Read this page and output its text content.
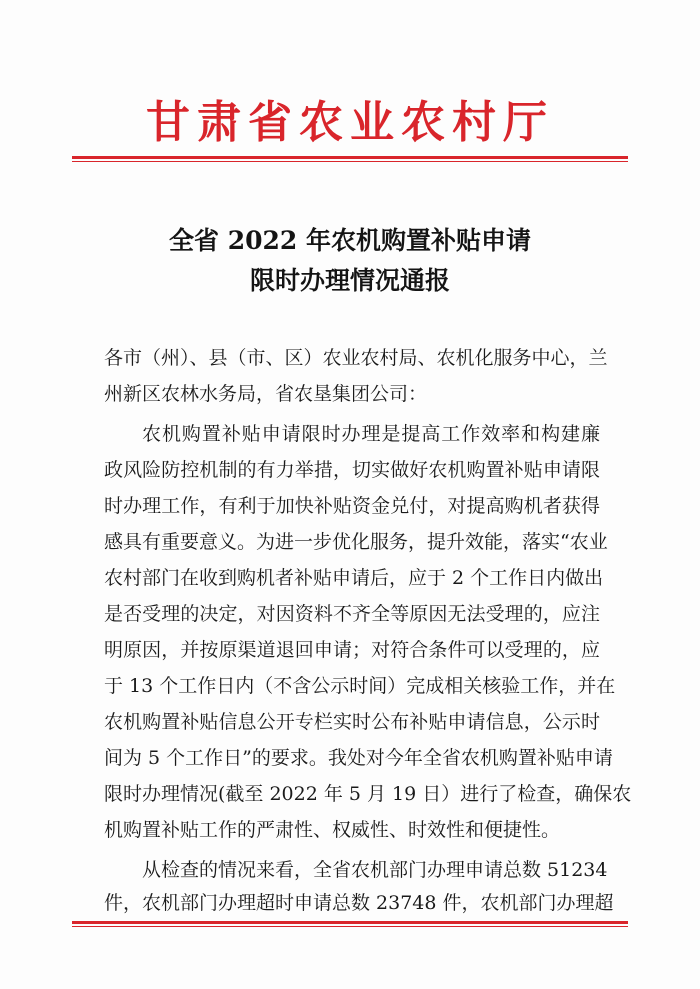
甘肃省农业农村厅
全省 2022 年农机购置补贴申请
限时办理情况通报
各市（州）、县（市、区）农业农村局、农机化服务中心，兰
州新区农林水务局，省农垦集团公司：
农机购置补贴申请限时办理是提高工作效率和构建廉
政风险防控机制的有力举措，切实做好农机购置补贴申请限
时办理工作，有利于加快补贴资金兑付，对提高购机者获得
感具有重要意义。为进一步优化服务，提升效能，落实“农业
农村部门在收到购机者补贴申请后，应于 2 个工作日内做出
是否受理的决定，对因资料不齐全等原因无法受理的，应注
明原因，并按原渠道退回申请；对符合条件可以受理的，应
于 13 个工作日内（不含公示时间）完成相关核验工作，并在
农机购置补贴信息公开专栏实时公布补贴申请信息，公示时
间为 5 个工作日”的要求。我处对今年全省农机购置补贴申请
限时办理情况(截至 2022 年 5 月 19 日）进行了检查，确保农
机购置补贴工作的严肃性、权威性、时效性和便捷性。
从检查的情况来看，全省农机部门办理申请总数 51234
件，农机部门办理超时申请总数 23748 件，农机部门办理超
